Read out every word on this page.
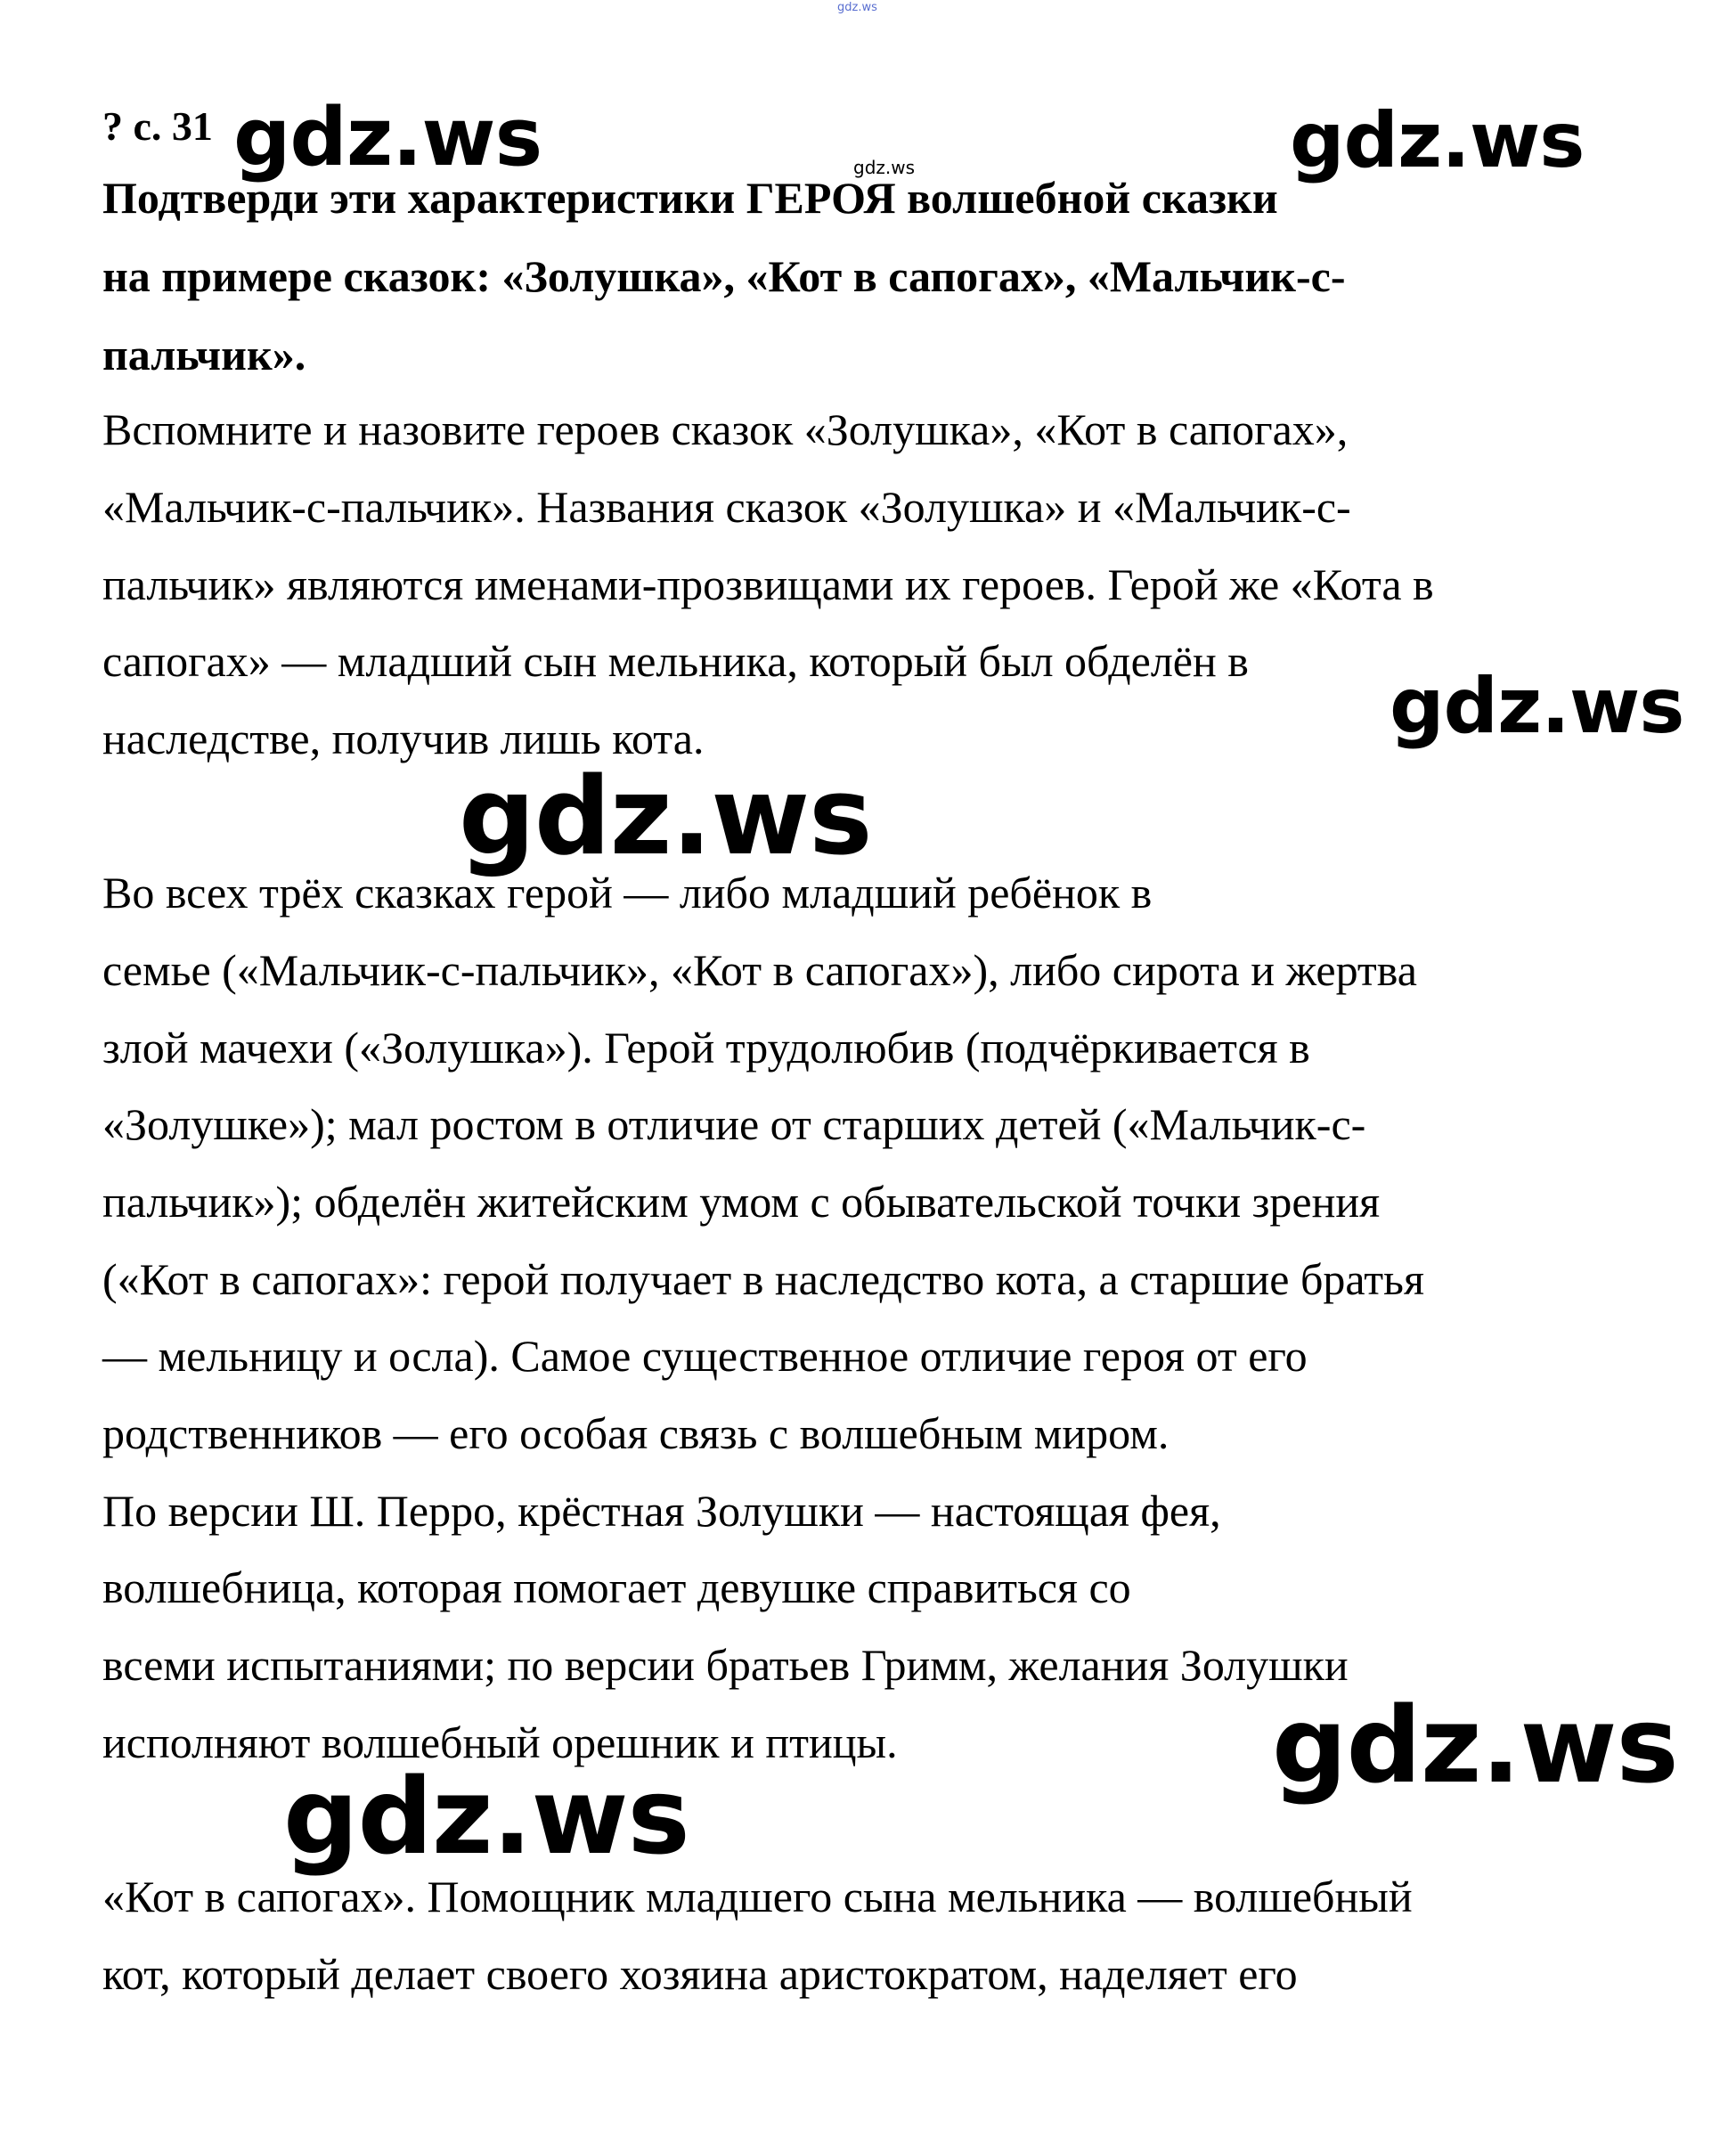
gdz.ws
gdz.ws	gdz.ws
gdz.ws
gdz.ws
gdz.ws
gdz.ws
gdz.ws
? с. 31
Подтверди эти характеристики ГЕРОЯ волшебной сказки
на примере сказок: «Золушка», «Кот в сапогах», «Мальчик-с-
пальчик».
Вспомните и назовите героев сказок «Золушка», «Кот в сапогах»,
«Мальчик-с-пальчик». Названия сказок «Золушка» и «Мальчик-с-
пальчик» являются именами-прозвищами их героев. Герой же «Кота в
сапогах» — младший сын мельника, который был обделён в
наследстве, получив лишь кота.
Во всех трёх сказках герой — либо младший ребёнок в
семье («Мальчик-с-пальчик», «Кот в сапогах»), либо сирота и жертва
злой мачехи («Золушка»). Герой трудолюбив (подчёркивается в
«Золушке»); мал ростом в отличие от старших детей («Мальчик-с-
пальчик»); обделён житейским умом с обывательской точки зрения
(«Кот в сапогах»: герой получает в наследство кота, а старшие братья
— мельницу и осла). Самое существенное отличие героя от его
родственников — его особая связь с волшебным миром.
По версии Ш. Перро, крёстная Золушки — настоящая фея,
волшебница, которая помогает девушке справиться со
всеми испытаниями; по версии братьев Гримм, желания Золушки
исполняют волшебный орешник и птицы.
«Кот в сапогах». Помощник младшего сына мельника — волшебный
кот, который делает своего хозяина аристократом, наделяет его
